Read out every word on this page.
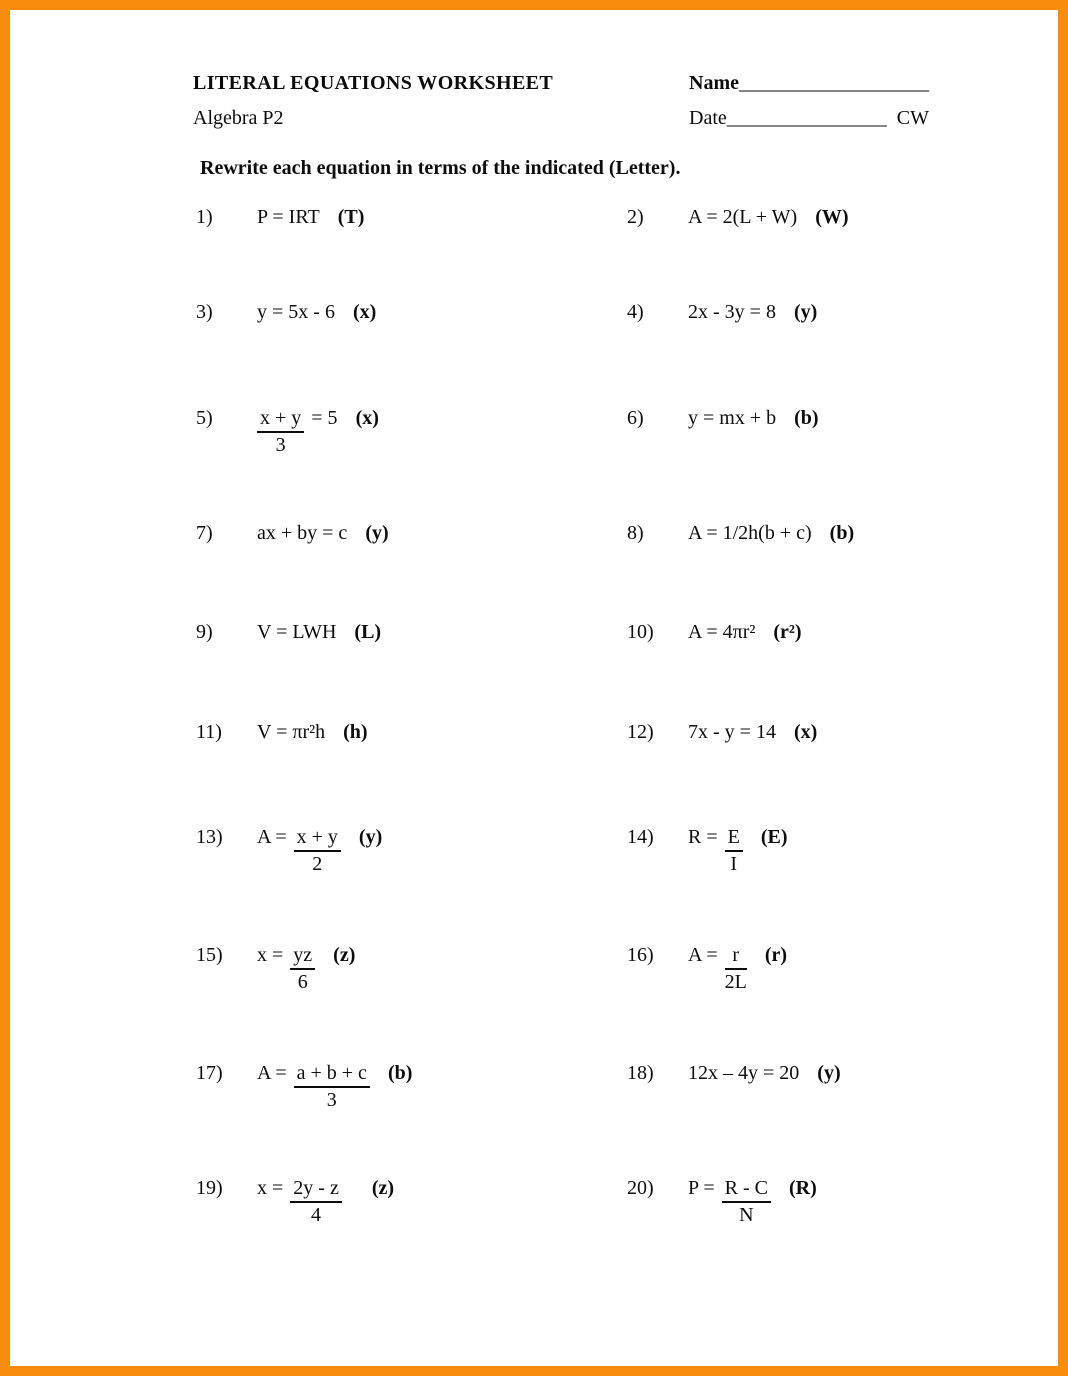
LITERAL EQUATIONS WORKSHEET	Name___________________
Algebra P2	Date________________ CW
Rewrite each equation in terms of the indicated (Letter).
1) P = IRT (T)	2) A = 2(L + W) (W)
3) y = 5x - 6 (x)	4) 2x - 3y = 8 (y)
$5) \frac{x + y}{3} = 5$ (x)	6) y = mx + b (b)
7) ax + by = c (y)	8) A = 1/2h(b + c) (b)
9) V = LWH (L)	10) A = 4πr² (r²)
11) V = πr²h (h)	12) 7x - y = 14 (x)
13) $A = \frac{x + y}{2} (y)$	14) $R = \frac{E}{I} (E)$
15) $x = \frac{yz}{6} (z)$	16) $A = \frac{r}{2L} (r)$
17) $A = \frac{a + b + c}{3} (b)$	18) 12x – 4y = 20 (y)
19) $x = \frac{2y - z}{4} (z)$	20) $P = \frac{R - C}{N} (R)$
